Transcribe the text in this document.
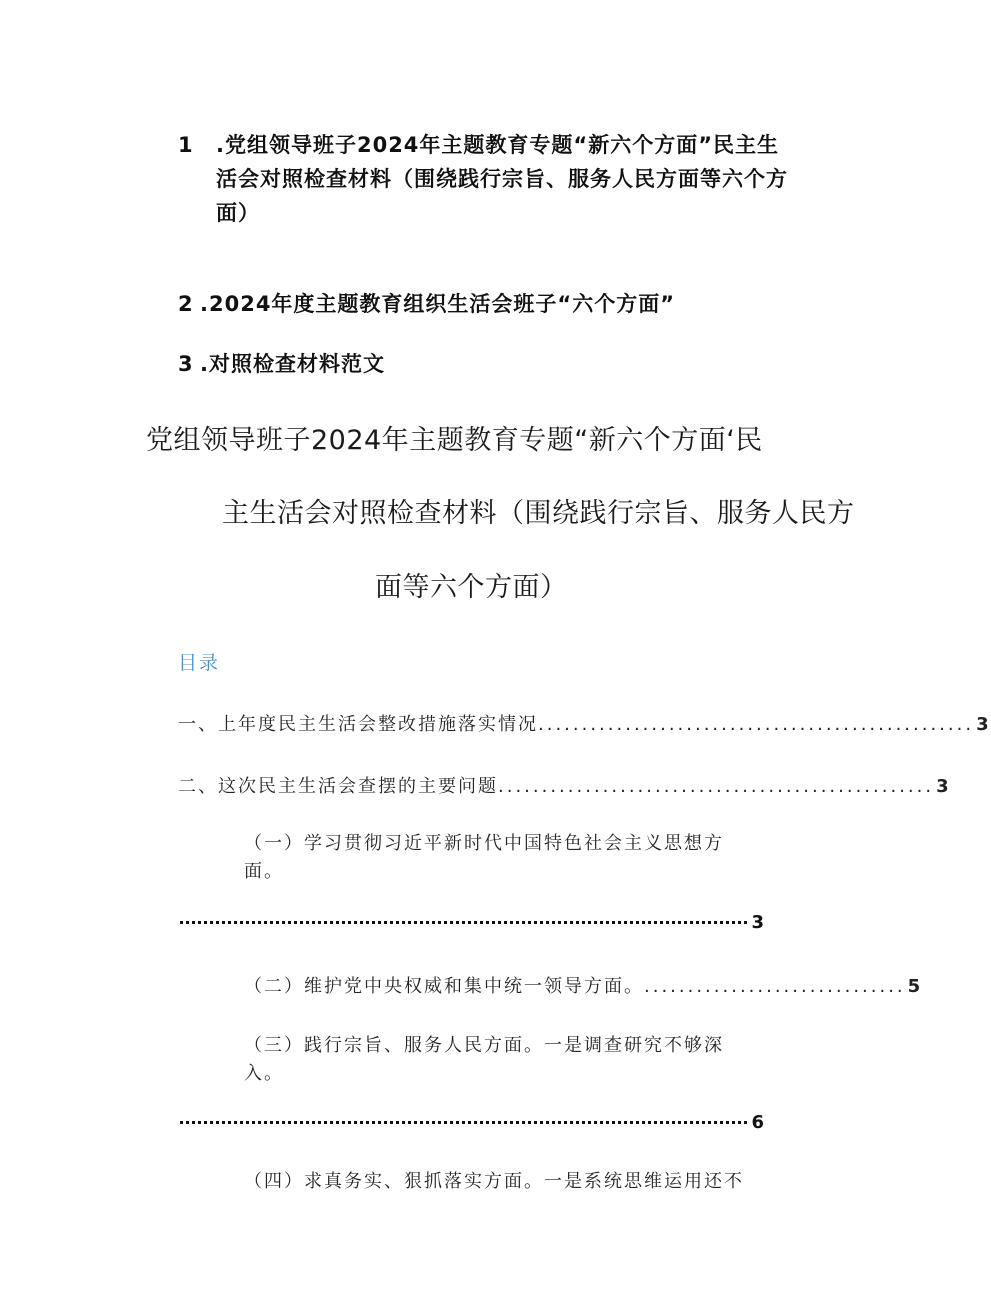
1	.党组领导班子2024年主题教育专题“新六个方面”民主生
活会对照检查材料（围绕践行宗旨、服务人民方面等六个方
面）
2 .2024年度主题教育组织生活会班子“六个方面”
3 .对照检查材料范文
党组领导班子2024年主题教育专题“新六个方面‘民
主生活会对照检查材料（围绕践行宗旨、服务人民方
面等六个方面）
目录
一、上年度民主生活会整改措施落实情况 .................................................. 3
二、这次民主生活会查摆的主要问题 .................................................. 3
（一）学习贯彻习近平新时代中国特色社会主义思想方
面。
3
（二）维护党中央权威和集中统一领导方面。 .............................. 5
（三）践行宗旨、服务人民方面。一是调查研究不够深
入。
6
（四）求真务实、狠抓落实方面。一是系统思维运用还不
